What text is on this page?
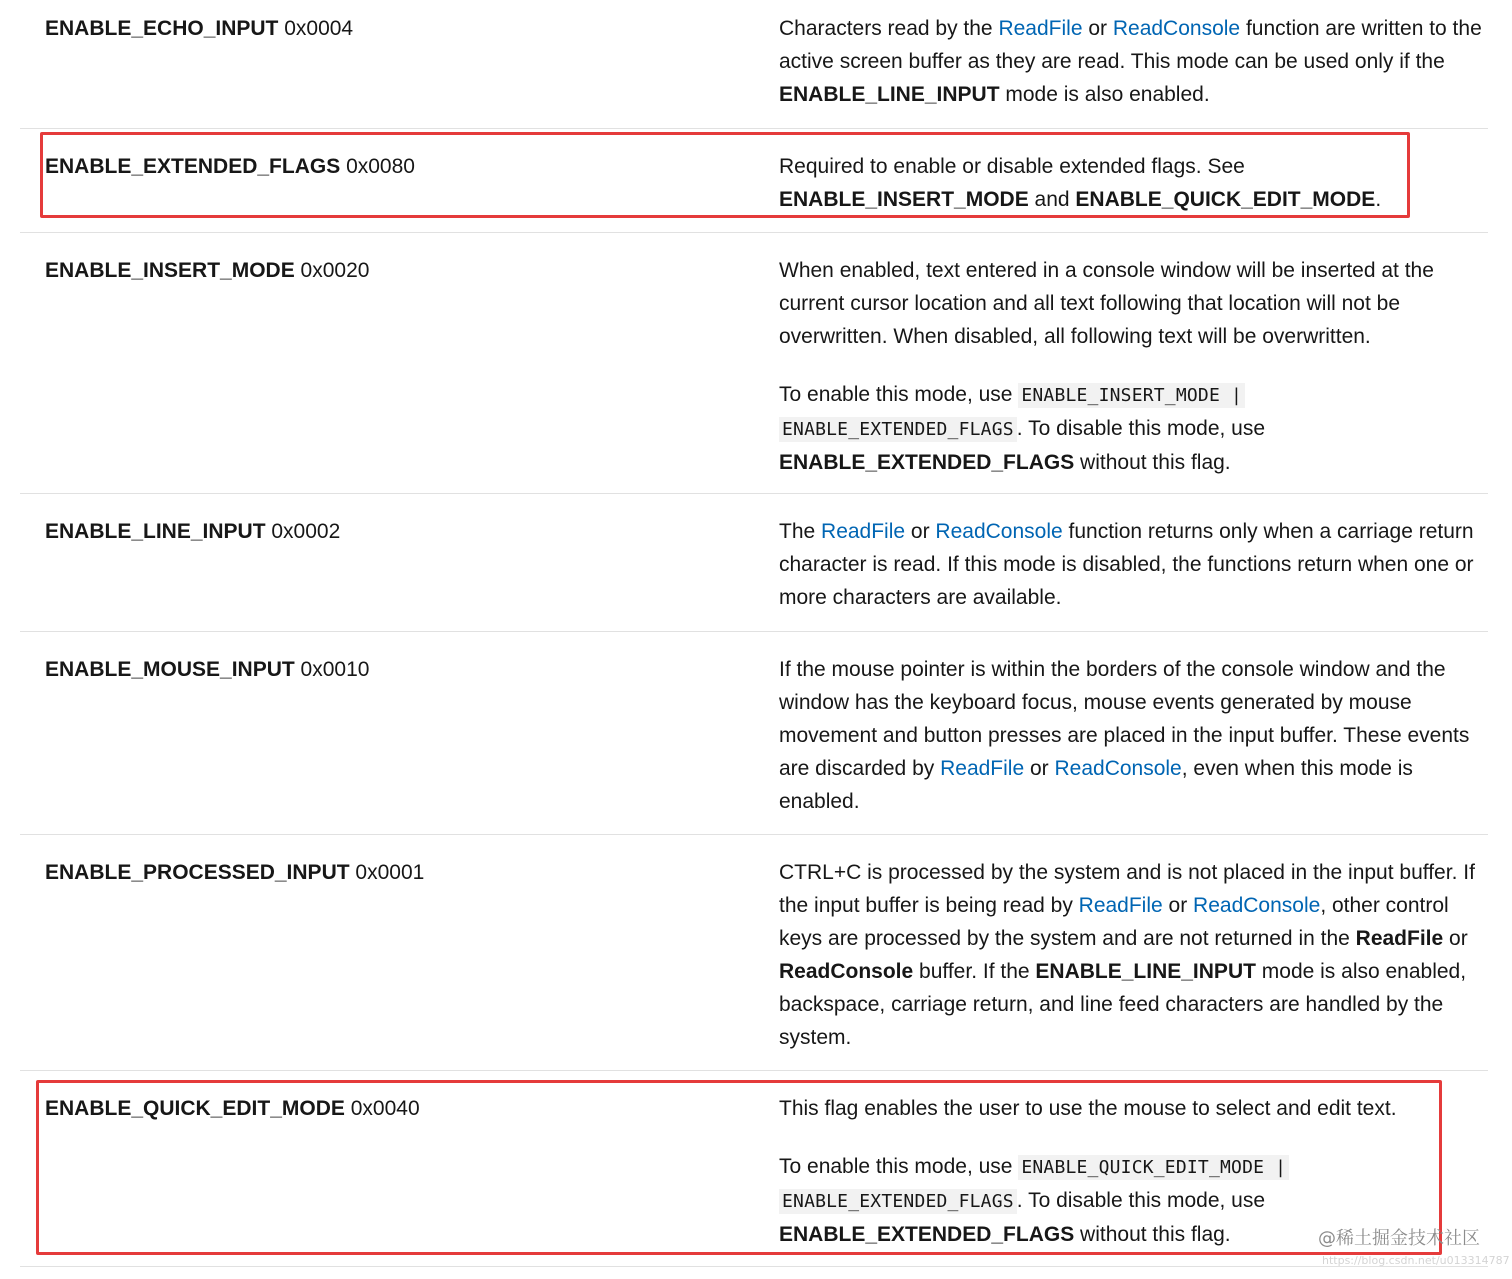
ENABLE_ECHO_INPUT 0x0004	Characters read by the ReadFile or ReadConsole function are written to the active screen buffer as they are read. This mode can be used only if the ENABLE_LINE_INPUT mode is also enabled.

ENABLE_EXTENDED_FLAGS 0x0080	Required to enable or disable extended flags. See ENABLE_INSERT_MODE and ENABLE_QUICK_EDIT_MODE.

ENABLE_INSERT_MODE 0x0020	When enabled, text entered in a console window will be inserted at the current cursor location and all text following that location will not be overwritten. When disabled, all following text will be overwritten.

To enable this mode, use ENABLE_INSERT_MODE | ENABLE_EXTENDED_FLAGS . To disable this mode, use ENABLE_EXTENDED_FLAGS without this flag.

ENABLE_LINE_INPUT 0x0002	The ReadFile or ReadConsole function returns only when a carriage return character is read. If this mode is disabled, the functions return when one or more characters are available.

ENABLE_MOUSE_INPUT 0x0010	If the mouse pointer is within the borders of the console window and the window has the keyboard focus, mouse events generated by mouse movement and button presses are placed in the input buffer. These events are discarded by ReadFile or ReadConsole, even when this mode is enabled.

ENABLE_PROCESSED_INPUT 0x0001	CTRL+C is processed by the system and is not placed in the input buffer. If the input buffer is being read by ReadFile or ReadConsole, other control keys are processed by the system and are not returned in the ReadFile or ReadConsole buffer. If the ENABLE_LINE_INPUT mode is also enabled, backspace, carriage return, and line feed characters are handled by the system.

ENABLE_QUICK_EDIT_MODE 0x0040	This flag enables the user to use the mouse to select and edit text.

To enable this mode, use ENABLE_QUICK_EDIT_MODE | ENABLE_EXTENDED_FLAGS . To disable this mode, use ENABLE_EXTENDED_FLAGS without this flag.	@稀土掘金技术社区
https://blog.csdn.net/u013314787
